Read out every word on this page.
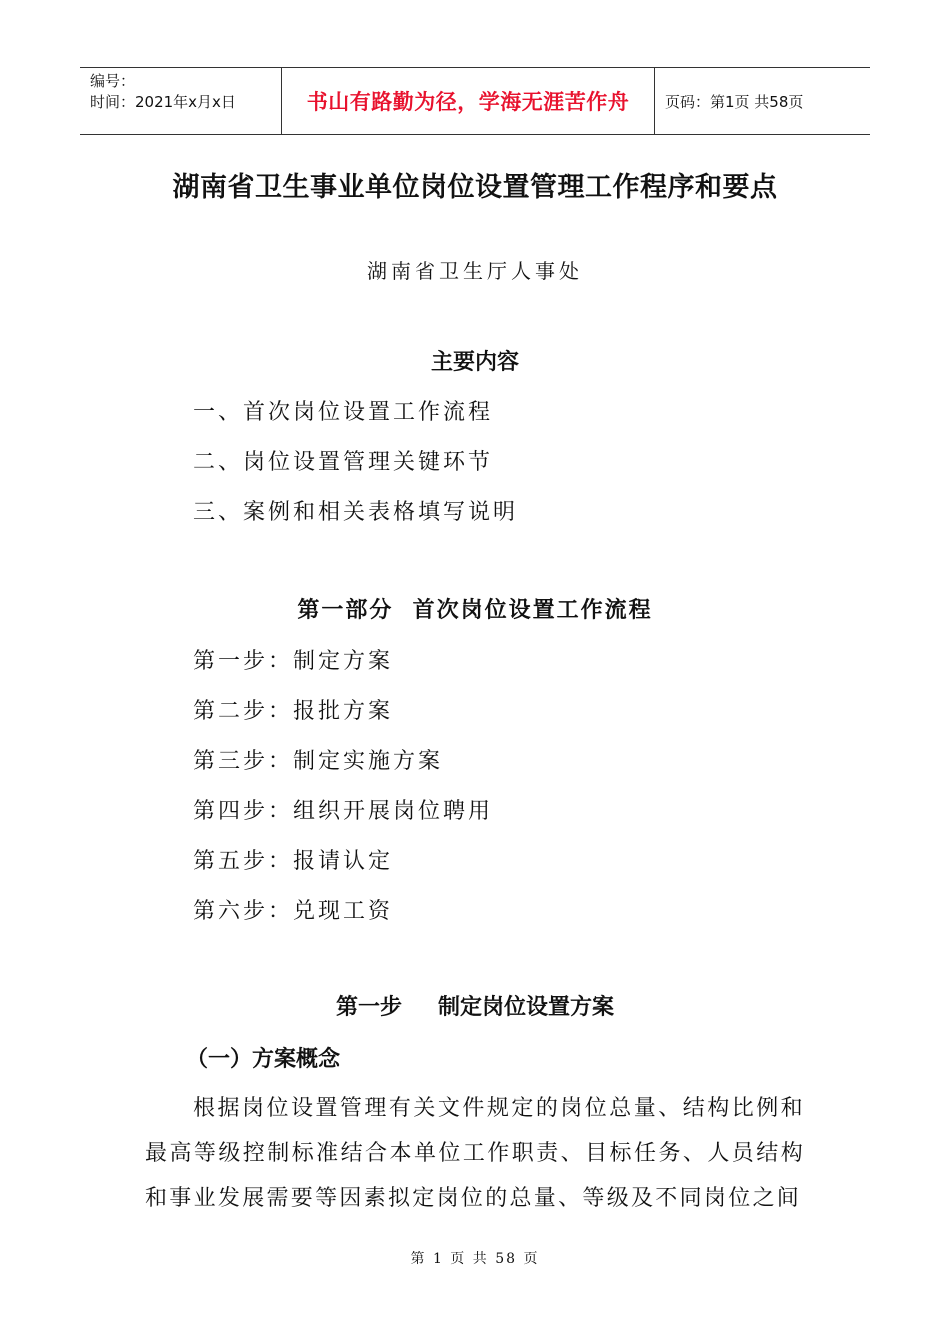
编号：
时间：2021年x月x日	书山有路勤为径，学海无涯苦作舟	页码：第1页 共58页
湖南省卫生事业单位岗位设置管理工作程序和要点
湖南省卫生厅人事处
主要内容
一、首次岗位设置工作流程
二、岗位设置管理关键环节
三、案例和相关表格填写说明
第一部分  首次岗位设置工作流程
第一步：制定方案
第二步：报批方案
第三步：制定实施方案
第四步：组织开展岗位聘用
第五步：报请认定
第六步：兑现工资
第一步 制定岗位设置方案
（一）方案概念
根据岗位设置管理有关文件规定的岗位总量、结构比例和最高等级控制标准结合本单位工作职责、目标任务、人员结构和事业发展需要等因素拟定岗位的总量、等级及不同岗位之间
第 1 页 共 58 页
